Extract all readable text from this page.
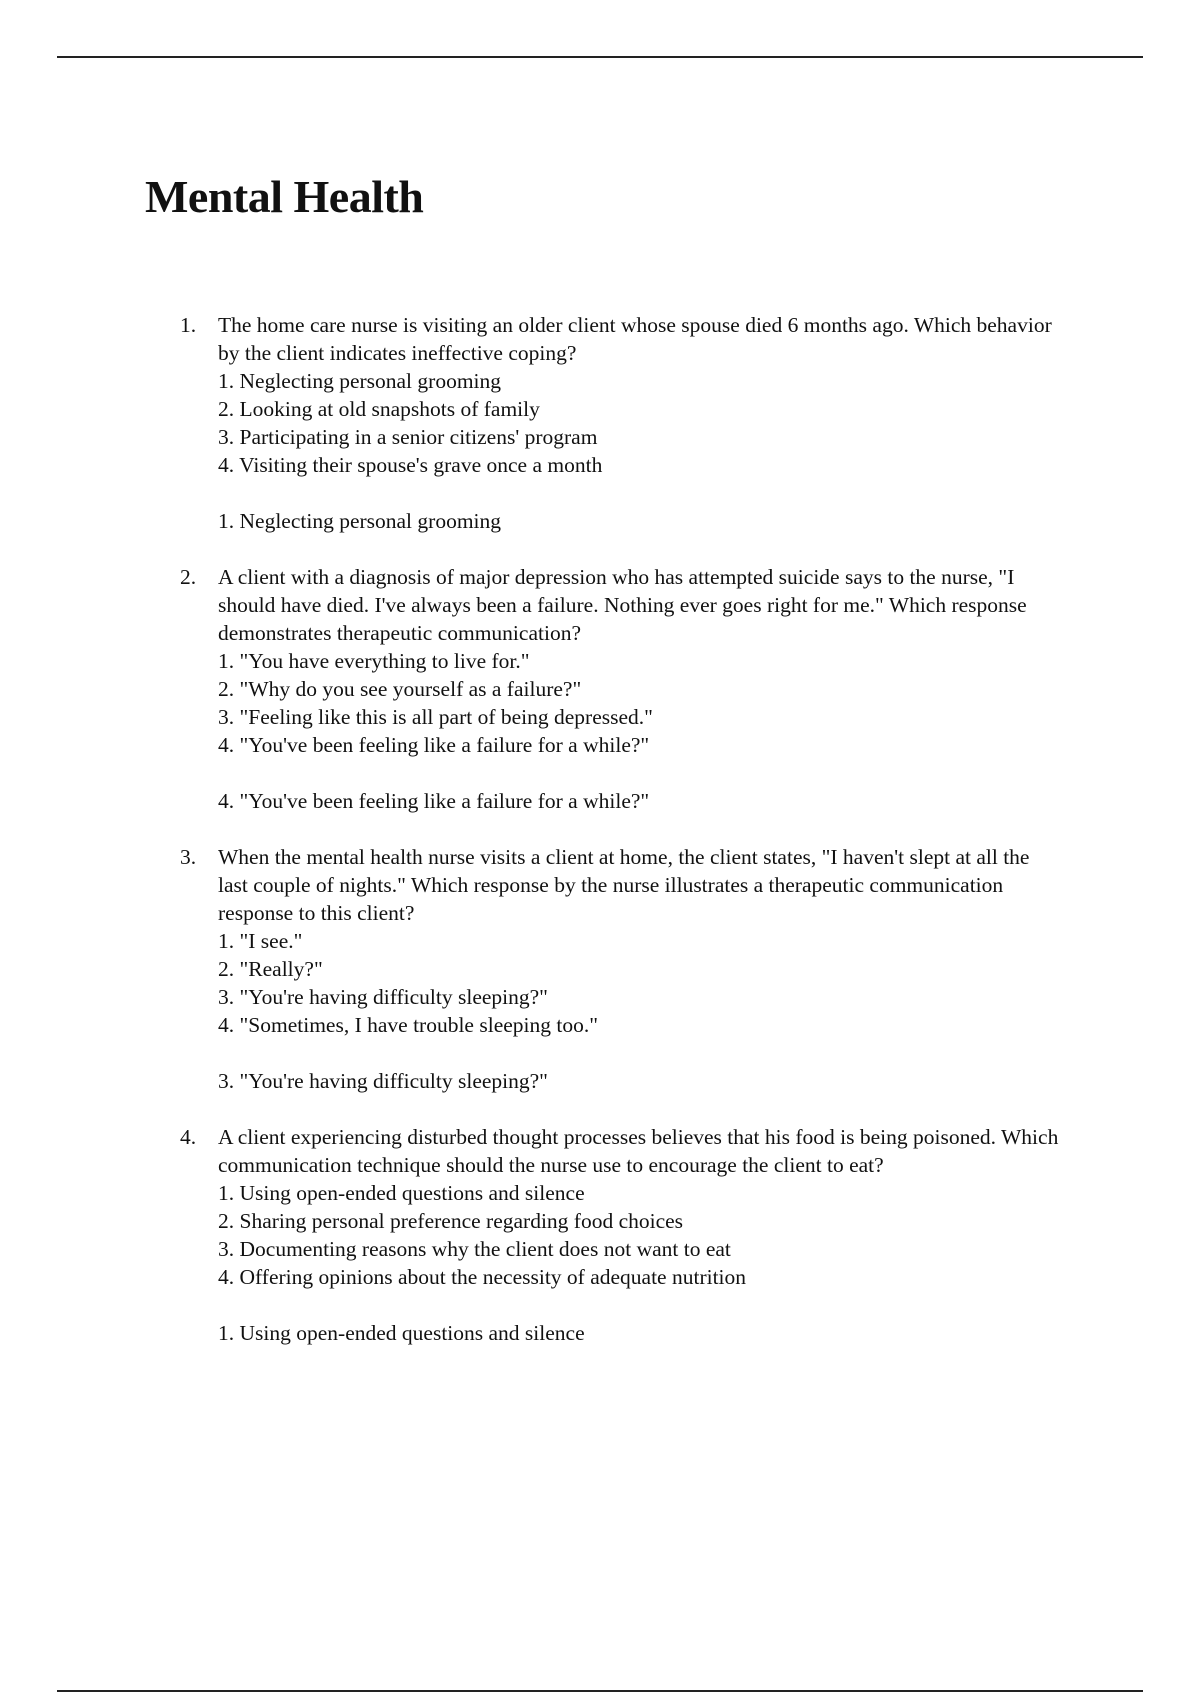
Mental Health
1. The home care nurse is visiting an older client whose spouse died 6 months ago. Which behavior by the client indicates ineffective coping?
1. Neglecting personal grooming
2. Looking at old snapshots of family
3. Participating in a senior citizens' program
4. Visiting their spouse's grave once a month
1. Neglecting personal grooming
2. A client with a diagnosis of major depression who has attempted suicide says to the nurse, "I should have died. I've always been a failure. Nothing ever goes right for me." Which response demonstrates therapeutic communication?
1. "You have everything to live for."
2. "Why do you see yourself as a failure?"
3. "Feeling like this is all part of being depressed."
4. "You've been feeling like a failure for a while?"
4. "You've been feeling like a failure for a while?"
3. When the mental health nurse visits a client at home, the client states, "I haven't slept at all the last couple of nights." Which response by the nurse illustrates a therapeutic communication response to this client?
1. "I see."
2. "Really?"
3. "You're having difficulty sleeping?"
4. "Sometimes, I have trouble sleeping too."
3. "You're having difficulty sleeping?"
4. A client experiencing disturbed thought processes believes that his food is being poisoned. Which communication technique should the nurse use to encourage the client to eat?
1. Using open-ended questions and silence
2. Sharing personal preference regarding food choices
3. Documenting reasons why the client does not want to eat
4. Offering opinions about the necessity of adequate nutrition
1. Using open-ended questions and silence
